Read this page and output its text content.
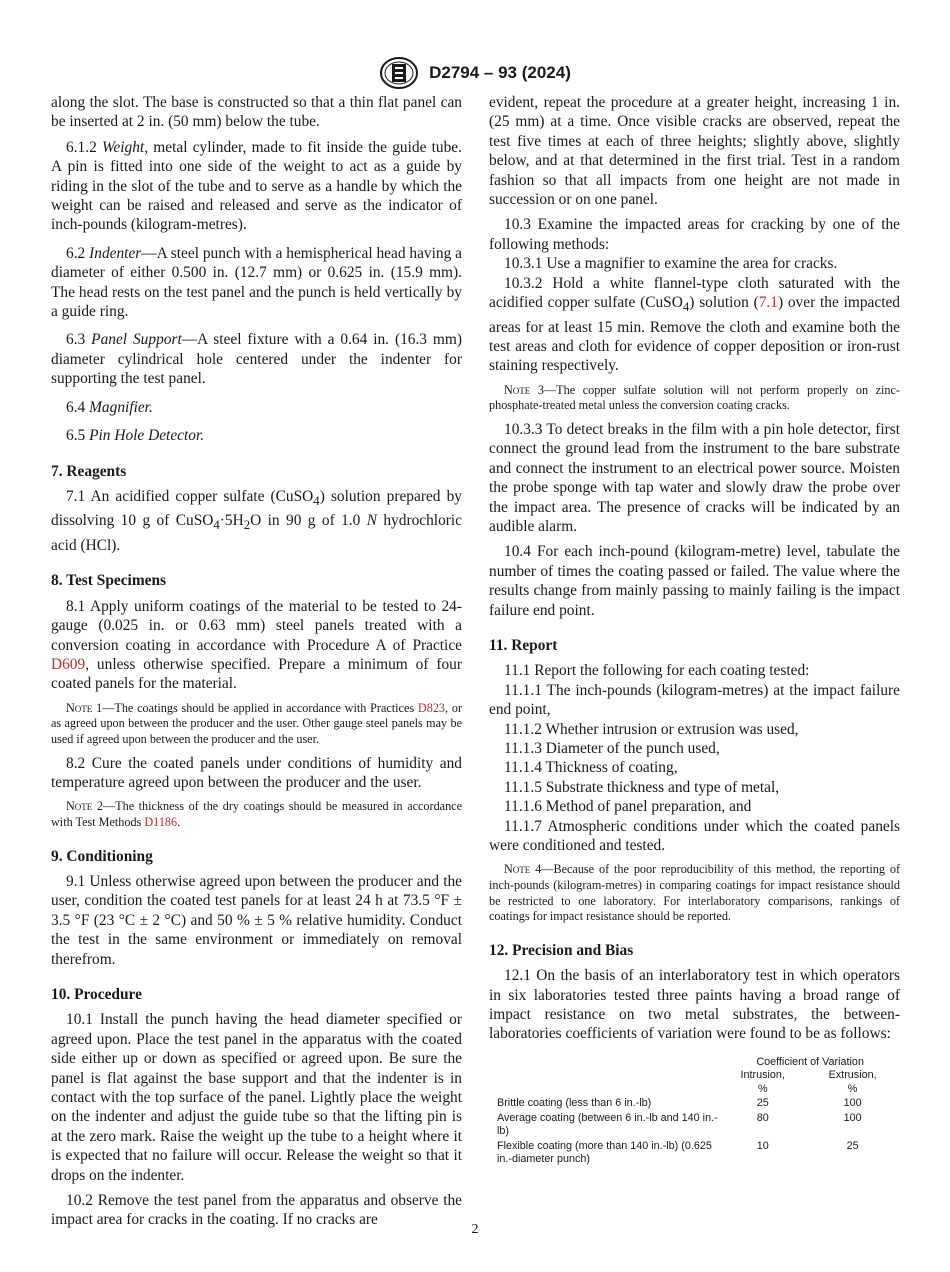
D2794 – 93 (2024)

along the slot. The base is constructed so that a thin flat panel can be inserted at 2 in. (50 mm) below the tube.

6.1.2 Weight, metal cylinder, made to fit inside the guide tube. A pin is fitted into one side of the weight to act as a guide by riding in the slot of the tube and to serve as a handle by which the weight can be raised and released and serve as the indicator of inch-pounds (kilogram-metres).

6.2 Indenter—A steel punch with a hemispherical head having a diameter of either 0.500 in. (12.7 mm) or 0.625 in. (15.9 mm). The head rests on the test panel and the punch is held vertically by a guide ring.

6.3 Panel Support—A steel fixture with a 0.64 in. (16.3 mm) diameter cylindrical hole centered under the indenter for supporting the test panel.

6.4 Magnifier.

6.5 Pin Hole Detector.

7. Reagents

7.1 An acidified copper sulfate (CuSO$_4$) solution prepared by dissolving 10 g of $CuSO_4\cdot 5H_2O$ in 90 g of 1.0 N hydrochloric acid (HCl).

8. Test Specimens

8.1 Apply uniform coatings of the material to be tested to 24-gauge (0.025 in. or 0.63 mm) steel panels treated with a conversion coating in accordance with Procedure A of Practice D609, unless otherwise specified. Prepare a minimum of four coated panels for the material.

Note 1—The coatings should be applied in accordance with Practices D823, or as agreed upon between the producer and the user. Other gauge steel panels may be used if agreed upon between the producer and the user.

8.2 Cure the coated panels under conditions of humidity and temperature agreed upon between the producer and the user.

Note 2—The thickness of the dry coatings should be measured in accordance with Test Methods D1186.
9. Conditioning

9.1 Unless otherwise agreed upon between the producer and the user, condition the coated test panels for at least 24 h at 73.5 °F ± 3.5 °F (23 °C ± 2 °C) and 50 % ± 5 % relative humidity. Conduct the test in the same environment or immediately on removal therefrom.

10. Procedure

10.1 Install the punch having the head diameter specified or agreed upon. Place the test panel in the apparatus with the coated side either up or down as specified or agreed upon. Be sure the panel is flat against the base support and that the indenter is in contact with the top surface of the panel. Lightly place the weight on the indenter and adjust the guide tube so that the lifting pin is at the zero mark. Raise the weight up the tube to a height where it is expected that no failure will occur. Release the weight so that it drops on the indenter.

10.2 Remove the test panel from the apparatus and observe the impact area for cracks in the coating. If no cracks are

evident, repeat the procedure at a greater height, increasing 1 in. (25 mm) at a time. Once visible cracks are observed, repeat the test five times at each of three heights; slightly above, slightly below, and at that determined in the first trial. Test in a random fashion so that all impacts from one height are not made in succession or on one panel.

10.3 Examine the impacted areas for cracking by one of the following methods:

10.3.1 Use a magnifier to examine the area for cracks.

10.3.2 Hold a white flannel-type cloth saturated with the acidified copper sulfate (CuSO$_4$) solution (7.1) over the impacted areas for at least 15 min. Remove the cloth and examine both the test areas and cloth for evidence of copper deposition or iron-rust staining respectively.

Note 3—The copper sulfate solution will not perform properly on zinc-phosphate-treated metal unless the conversion coating cracks.

10.3.3 To detect breaks in the film with a pin hole detector, first connect the ground lead from the instrument to the bare substrate and connect the instrument to an electrical power source. Moisten the probe sponge with tap water and slowly draw the probe over the impact area. The presence of cracks will be indicated by an audible alarm.

10.4 For each inch-pound (kilogram-metre) level, tabulate the number of times the coating passed or failed. The value where the results change from mainly passing to mainly failing is the impact failure end point.

11. Report

11.1 Report the following for each coating tested:

11.1.1 The inch-pounds (kilogram-metres) at the impact failure end point,

11.1.2 Whether intrusion or extrusion was used,

11.1.3 Diameter of the punch used,

11.1.4 Thickness of coating,

11.1.5 Substrate thickness and type of metal,

11.1.6 Method of panel preparation, and

11.1.7 Atmospheric conditions under which the coated panels were conditioned and tested.

Note 4—Because of the poor reproducibility of this method, the reporting of inch-pounds (kilogram-metres) in comparing coatings for impact resistance should be restricted to one laboratory. For interlaboratory comparisons, rankings of coatings for impact resistance should be reported.
12. Precision and Bias

12.1 On the basis of an interlaboratory test in which operators in six laboratories tested three paints having a broad range of impact resistance on two metal substrates, the between-laboratories coefficients of variation were found to be as follows:

	Coefficient of Variation	
	Intrusion,	Extrusion,
	%	%
Brittle coating (less than 6 in.-lb)	25	100
Average coating (between 6 in.-lb and 140 in.-lb)	80	100
Flexible coating (more than 140 in.-lb) (0.625 in.-diameter punch)	10	25
2
